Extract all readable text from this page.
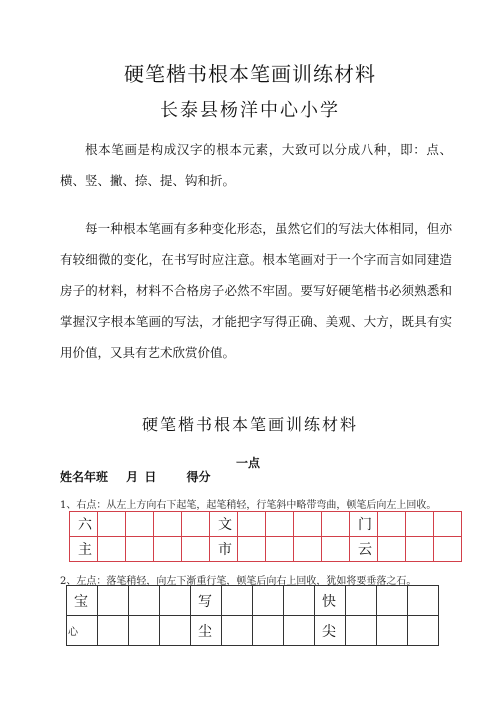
硬笔楷书根本笔画训练材料
长泰县杨洋中心小学
根本笔画是构成汉字的根本元素，大致可以分成八种，即：点、横、竖、撇、捺、提、钩和折。
每一种根本笔画有多种变化形态，虽然它们的写法大体相同，但亦有较细微的变化，在书写时应注意。根本笔画对于一个字而言如同建造房子的材料，材料不合格房子必然不牢固。要写好硬笔楷书必须熟悉和掌握汉字根本笔画的写法，才能把字写得正确、美观、大方，既具有实用价值，又具有艺术欣赏价值。
硬笔楷书根本笔画训练材料
一点
姓名年班　 月 日　　 得分
1、右点：从左上方向右下起笔，起笔稍轻，行笔斜中略带弯曲，顿笔后向左上回收。
六					文					门			
主					市					云			
2、左点：落笔稍轻，向左下渐重行笔，顿笔后向右上回收，犹如将要垂落之石。
宝				写				快			
心				尘				尖			
